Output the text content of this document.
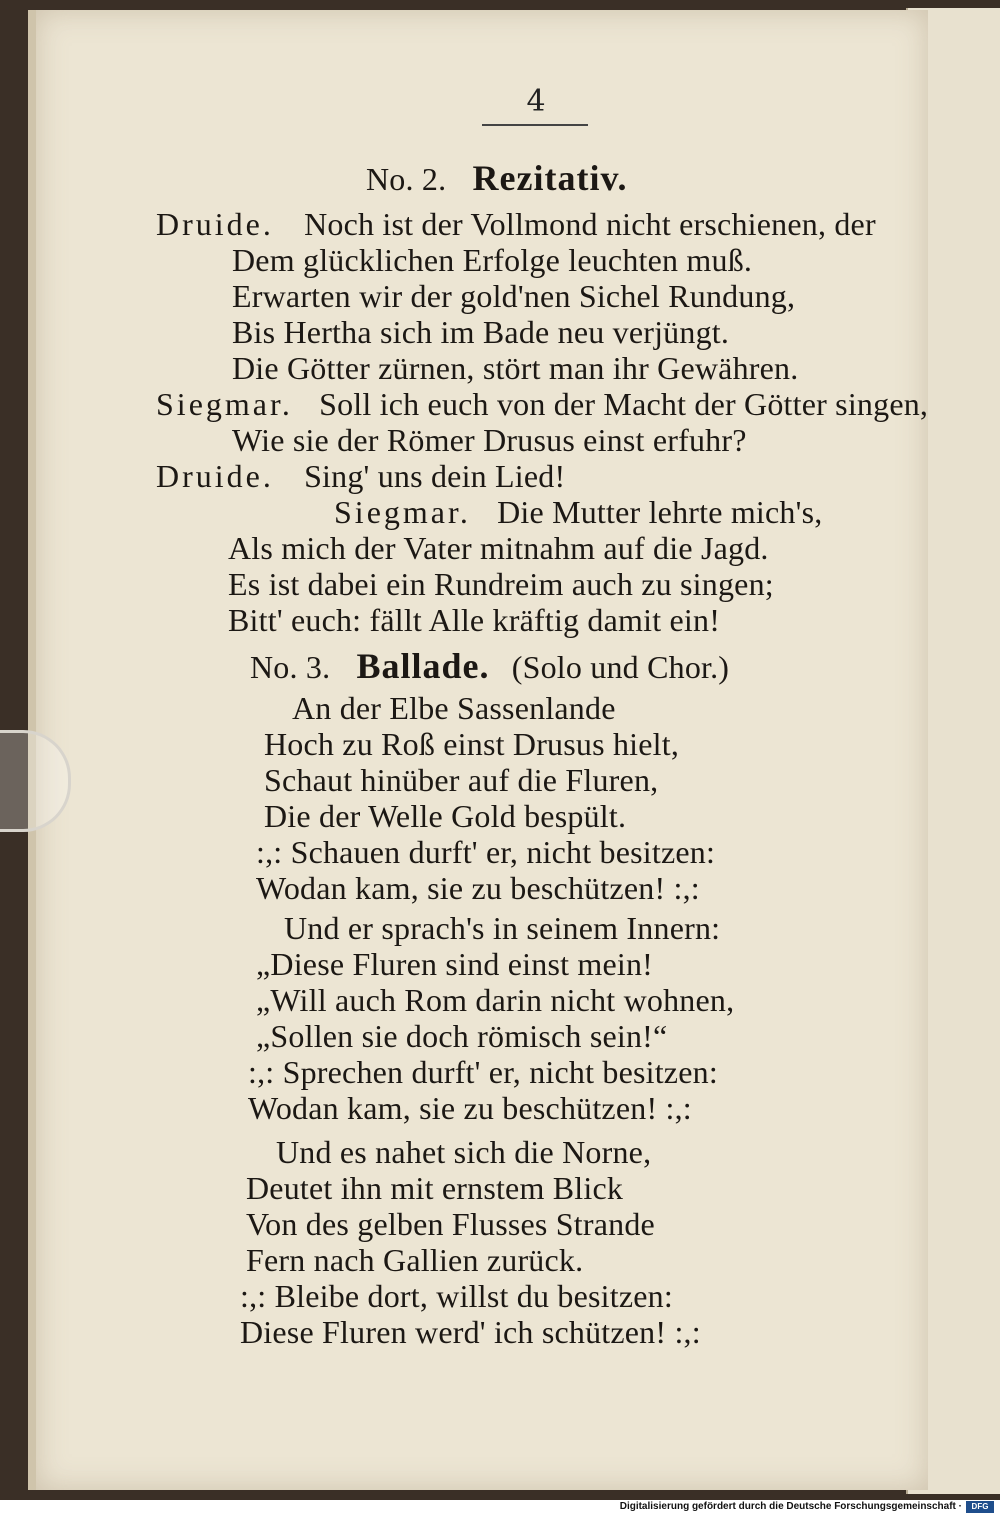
4
No. 2. Rezitativ.
Druide. Noch ist der Vollmond nicht erschienen, der
Dem glücklichen Erfolge leuchten muß.
Erwarten wir der gold'nen Sichel Rundung,
Bis Hertha sich im Bade neu verjüngt.
Die Götter zürnen, stört man ihr Gewähren.
Siegmar. Soll ich euch von der Macht der Götter singen,
Wie sie der Römer Drusus einst erfuhr?
Druide. Sing' uns dein Lied!
Siegmar. Die Mutter lehrte mich's,
Als mich der Vater mitnahm auf die Jagd.
Es ist dabei ein Rundreim auch zu singen;
Bitt' euch: fällt Alle kräftig damit ein!
No. 3. Ballade. (Solo und Chor.)
An der Elbe Sassenlande
Hoch zu Roß einst Drusus hielt,
Schaut hinüber auf die Fluren,
Die der Welle Gold bespült.
:,: Schauen durft' er, nicht besitzen:
Wodan kam, sie zu beschützen! :,:
Und er sprach's in seinem Innern:
„Diese Fluren sind einst mein!
„Will auch Rom darin nicht wohnen,
„Sollen sie doch römisch sein!“
:,: Sprechen durft' er, nicht besitzen:
Wodan kam, sie zu beschützen! :,:
Und es nahet sich die Norne,
Deutet ihn mit ernstem Blick
Von des gelben Flusses Strande
Fern nach Gallien zurück.
:,: Bleibe dort, willst du besitzen:
Diese Fluren werd' ich schützen! :,:
Digitalisierung gefördert durch die Deutsche Forschungsgemeinschaft ·	DFG
